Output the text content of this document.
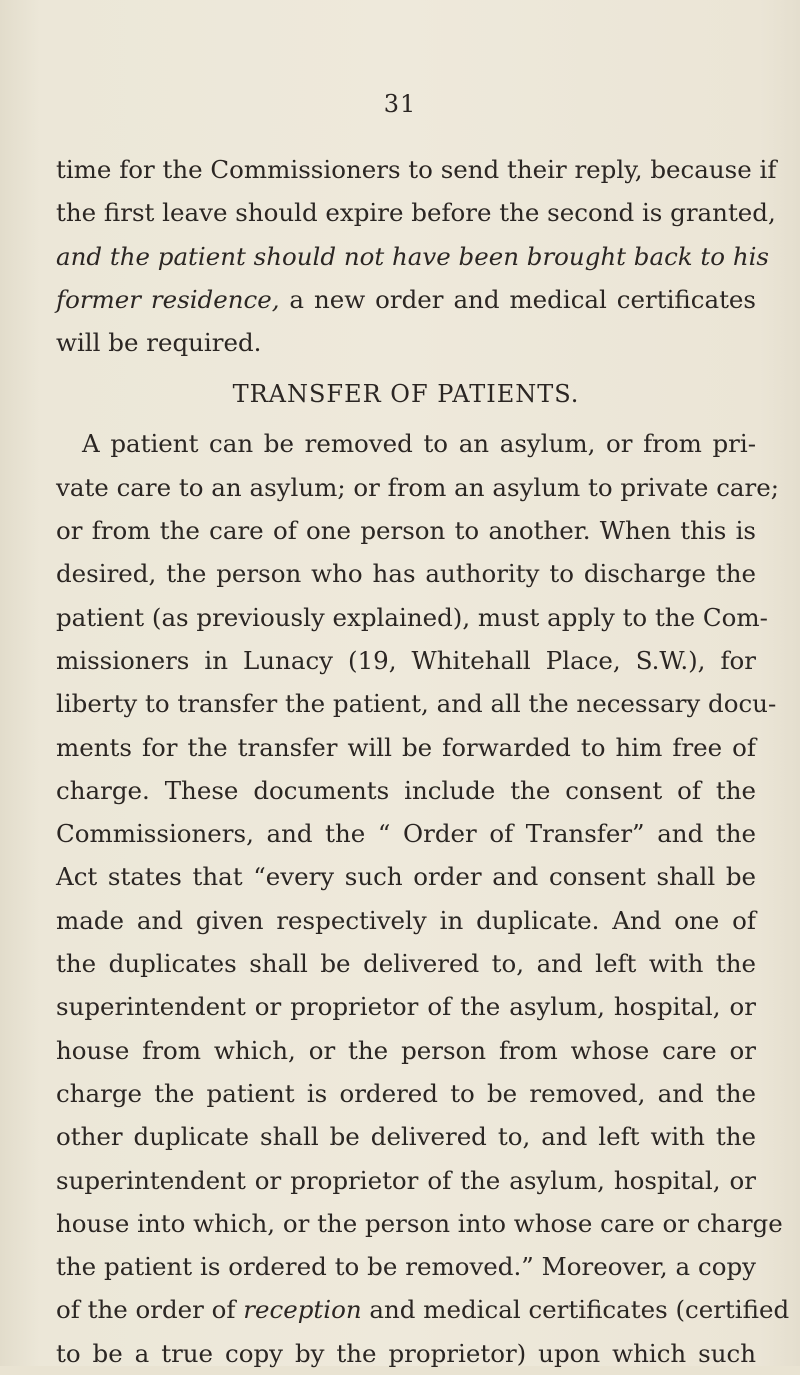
31
time for the Commissioners to send their reply, because if
the first leave should expire before the second is granted,
and the patient should not have been brought back to his
former residence, a new order and medical certificates
will be required.
TRANSFER OF PATIENTS.
A patient can be removed to an asylum, or from pri-
vate care to an asylum; or from an asylum to private care;
or from the care of one person to another. When this is
desired, the person who has authority to discharge the
patient (as previously explained), must apply to the Com-
missioners in Lunacy (19, Whitehall Place, S.W.), for
liberty to transfer the patient, and all the necessary docu-
ments for the transfer will be forwarded to him free of
charge. These documents include the consent of the
Commissioners, and the “ Order of Transfer” and the
Act states that “every such order and consent shall be
made and given respectively in duplicate. And one of
the duplicates shall be delivered to, and left with the
superintendent or proprietor of the asylum, hospital, or
house from which, or the person from whose care or
charge the patient is ordered to be removed, and the
other duplicate shall be delivered to, and left with the
superintendent or proprietor of the asylum, hospital, or
house into which, or the person into whose care or charge
the patient is ordered to be removed.” Moreover, a copy
of the order of reception and medical certificates (certified
to be a true copy by the proprietor) upon which such
